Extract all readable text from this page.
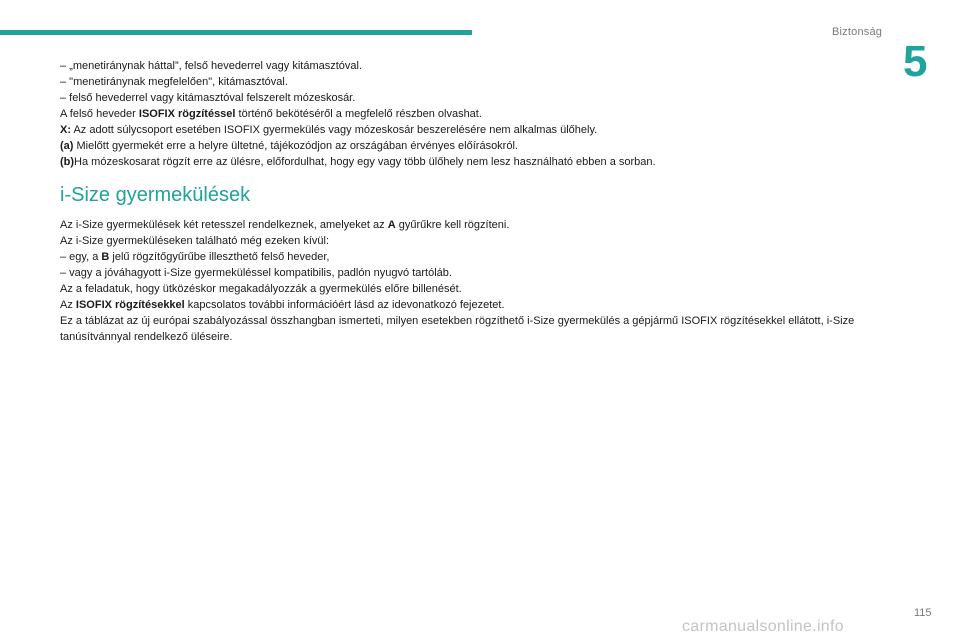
Biztonság
5

– „menetiránynak háttal”, felső hevederrel vagy kitámasztóval.

– "menetiránynak megfelelően", kitámasztóval.

– felső hevederrel vagy kitámasztóval felszerelt mózeskosár.

A felső heveder ISOFIX rögzítéssel történő bekötéséről a megfelelő részben olvashat.

X: Az adott súlycsoport esetében ISOFIX gyermekülés vagy mózeskosár beszerelésére nem alkalmas ülőhely.

(a) Mielőtt gyermekét erre a helyre ültetné, tájékozódjon az országában érvényes előírásokról.

(b)Ha mózeskosarat rögzít erre az ülésre, előfordulhat, hogy egy vagy több ülőhely nem lesz használható ebben a sorban.

i-Size gyermekülések

Az i-Size gyermekülések két retesszel rendelkeznek, amelyeket az A gyűrűkre kell rögzíteni.

Az i-Size gyermeküléseken található még ezeken kívül:

– egy, a B jelű rögzítőgyűrűbe illeszthető felső heveder,

– vagy a jóváhagyott i-Size gyermeküléssel kompatibilis, padlón nyugvó tartóláb.

Az a feladatuk, hogy ütközéskor megakadályozzák a gyermekülés előre billenését.

Az ISOFIX rögzítésekkel kapcsolatos további információért lásd az idevonatkozó fejezetet.

Ez a táblázat az új európai szabályozással összhangban ismerteti, milyen esetekben rögzíthető i-Size gyermekülés a gépjármű ISOFIX rögzítésekkel ellátott, i-Size tanúsítvánnyal rendelkező üléseire.

115
carmanualsonline.info
